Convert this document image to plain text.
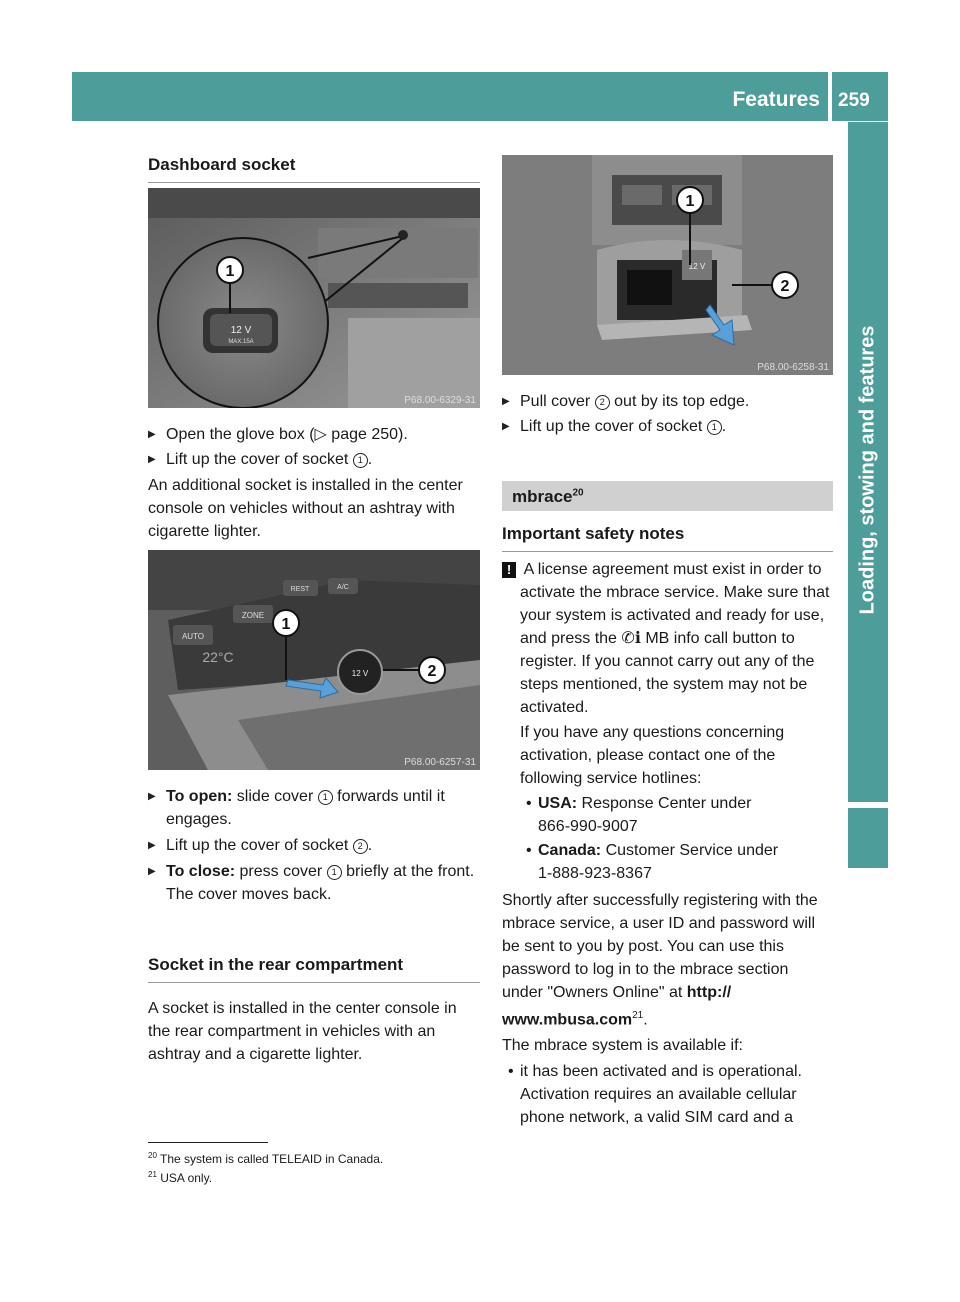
Features 259
Loading, stowing and features
Dashboard socket
12 V
MAX.15A
1
P68.00-6329-31
▶ Open the glove box (▷ page 250).
▶ Lift up the cover of socket 1 .
An additional socket is installed in the center console on vehicles without an ashtray with cigarette lighter.
AUTO
ZONE
REST	A/C
22°C
12 V
1
2
P68.00-6257-31
▶ To open: slide cover 1 forwards until it engages.
▶ Lift up the cover of socket 2 .
▶ To close: press cover 1 briefly at the front.
The cover moves back.
Socket in the rear compartment
A socket is installed in the center console in the rear compartment in vehicles with an ashtray and a cigarette lighter.
12 V
1
2
P68.00-6258-31
▶ Pull cover 2 out by its top edge.
▶ Lift up the cover of socket 1 .
mbrace$^{20}$
Important safety notes
! A license agreement must exist in order to activate the mbrace service. Make sure that your system is activated and ready for use, and press the ✆ℹ MB info call button to register. If you cannot carry out any of the steps mentioned, the system may not be activated.
If you have any questions concerning activation, please contact one of the following service hotlines:
• USA: Response Center under
866-990-9007
• Canada: Customer Service under
1-888-923-8367
Shortly after successfully registering with the mbrace service, a user ID and password will be sent to you by post. You can use this password to log in to the mbrace section under "Owners Online" at http:// www.mbusa.com$^{21}$.
The mbrace system is available if:
• it has been activated and is operational. Activation requires an available cellular phone network, a valid SIM card and a
$^{20}$ The system is called TELEAID in Canada.
$^{21}$ USA only.
